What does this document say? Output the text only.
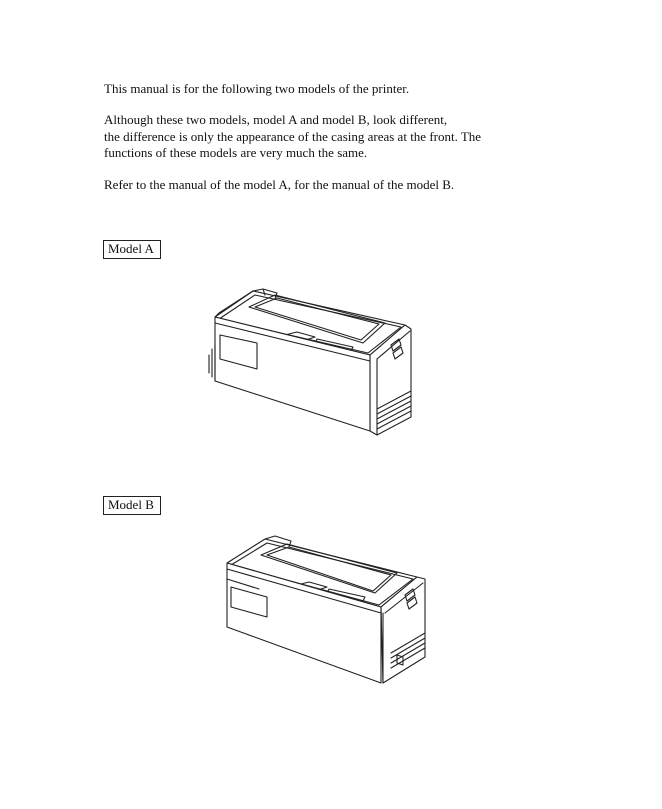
This manual is for the following two models of the printer.

Although these two models, model A and model B, look different,
the difference is only the appearance of the casing areas at the front. The
functions of these models are very much the same.

Refer to the manual of the model A, for the manual of the model B.

Model A
Model B
